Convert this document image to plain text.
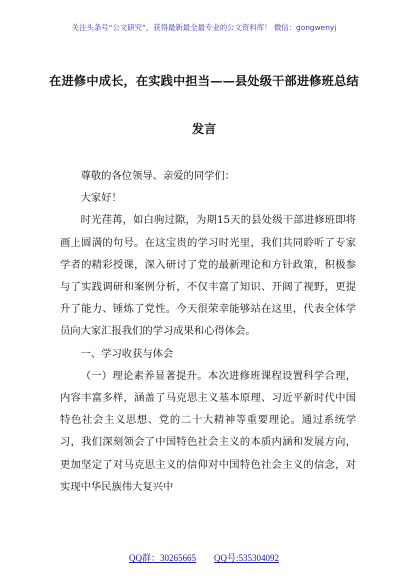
关注头条号“公文研究”，获得最新最全最专业的公文资料库！ 微信：gongwenyj
在进修中成长，在实践中担当——县处级干部进修班总结
发言

尊敬的各位领导、亲爱的同学们：

大家好！

时光荏苒，如白驹过隙，为期15天的县处级干部进修班即将画上圆满的句号。在这宝贵的学习时光里，我们共同聆听了专家学者的精彩授课，深入研讨了党的最新理论和方针政策，积极参与了实践调研和案例分析，不仅丰富了知识、开阔了视野，更提升了能力、锤炼了党性。今天很荣幸能够站在这里，代表全体学员向大家汇报我们的学习成果和心得体会。

一、学习收获与体会

（一）理论素养显著提升。本次进修班课程设置科学合理，内容丰富多样，涵盖了马克思主义基本原理、习近平新时代中国特色社会主义思想、党的二十大精神等重要理论。通过系统学习，我们深刻领会了中国特色社会主义的本质内涵和发展方向，更加坚定了对马克思主义的信仰对中国特色社会主义的信念，对实现中华民族伟大复兴中

QQ群：30265665 QQ号:535304092
